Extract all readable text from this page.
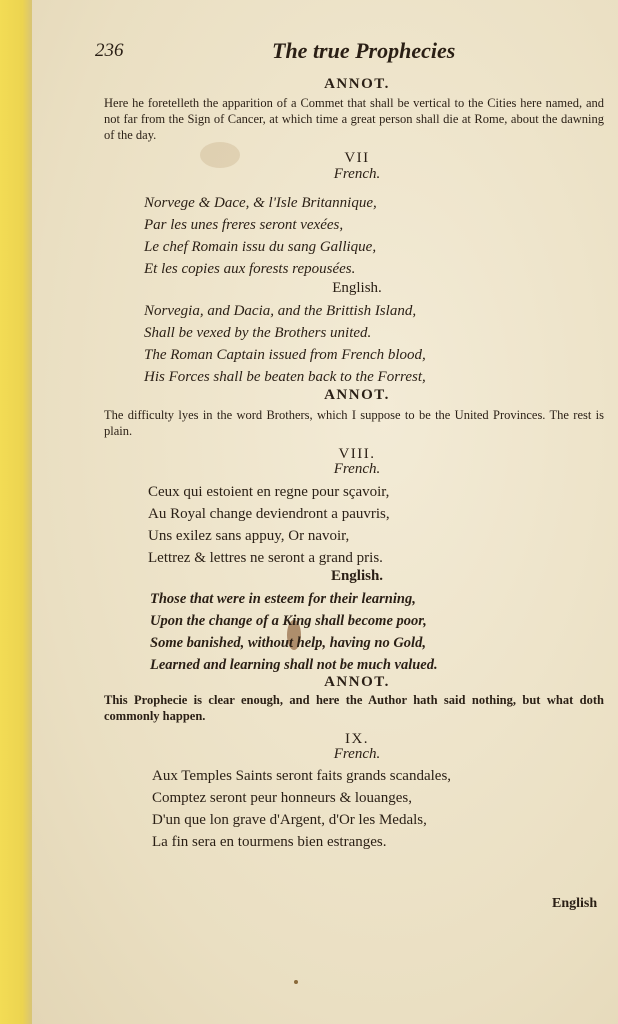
236	The true Prophecies
ANNOT.

Here he foretelleth the apparition of a Commet that shall be vertical to the Cities here named, and not far from the Sign of Cancer, at which time a great person shall die at Rome, about the dawning of the day.

VII
French.
Norvege & Dace, & l'Isle Britannique,
Par les unes freres seront vexées,
Le chef Romain issu du sang Gallique,
Et les copies aux forests repousées.
English.
Norvegia, and Dacia, and the Brittish Island,
Shall be vexed by the Brothers united.
The Roman Captain issued from French blood,
His Forces shall be beaten back to the Forrest,
ANNOT.

The difficulty lyes in the word Brothers, which I suppose to be the United Provinces. The rest is plain.

VIII.
French.
Ceux qui estoient en regne pour sçavoir,
Au Royal change deviendront a pauvris,
Uns exilez sans appuy, Or navoir,
Lettrez & lettres ne seront a grand pris.
English.
Those that were in esteem for their learning,
Upon the change of a King shall become poor,
Some banished, without help, having no Gold,
Learned and learning shall not be much valued.
ANNOT.

This Prophecie is clear enough, and here the Author hath said nothing, but what doth commonly happen.

IX.
French.
Aux Temples Saints seront faits grands scandales,
Comptez seront peur honneurs & louanges,
D'un que lon grave d'Argent, d'Or les Medals,
La fin sera en tourmens bien estranges.
English
